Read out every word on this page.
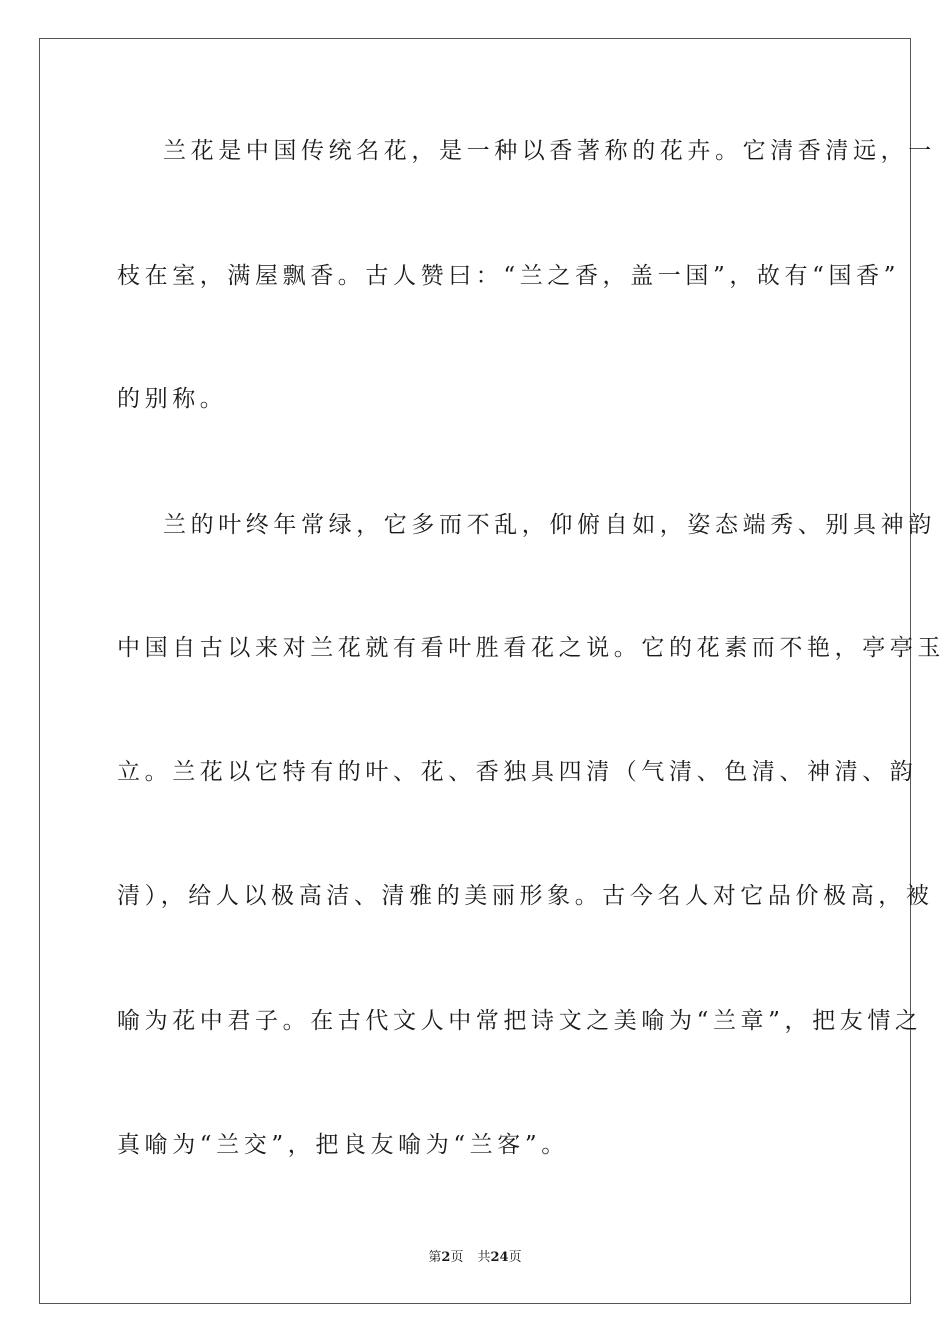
兰花是中国传统名花，是一种以香著称的花卉。它清香清远，一
枝在室，满屋飘香。古人赞曰：“兰之香，盖一国”，故有“国香”
的别称。
兰的叶终年常绿，它多而不乱，仰俯自如，姿态端秀、别具神韵
中国自古以来对兰花就有看叶胜看花之说。它的花素而不艳，亭亭玉
立。兰花以它特有的叶、花、香独具四清（气清、色清、神清、韵
清），给人以极高洁、清雅的美丽形象。古今名人对它品价极高，被
喻为花中君子。在古代文人中常把诗文之美喻为“兰章”，把友情之
真喻为“兰交”，把良友喻为“兰客”。
第2页 共24页
